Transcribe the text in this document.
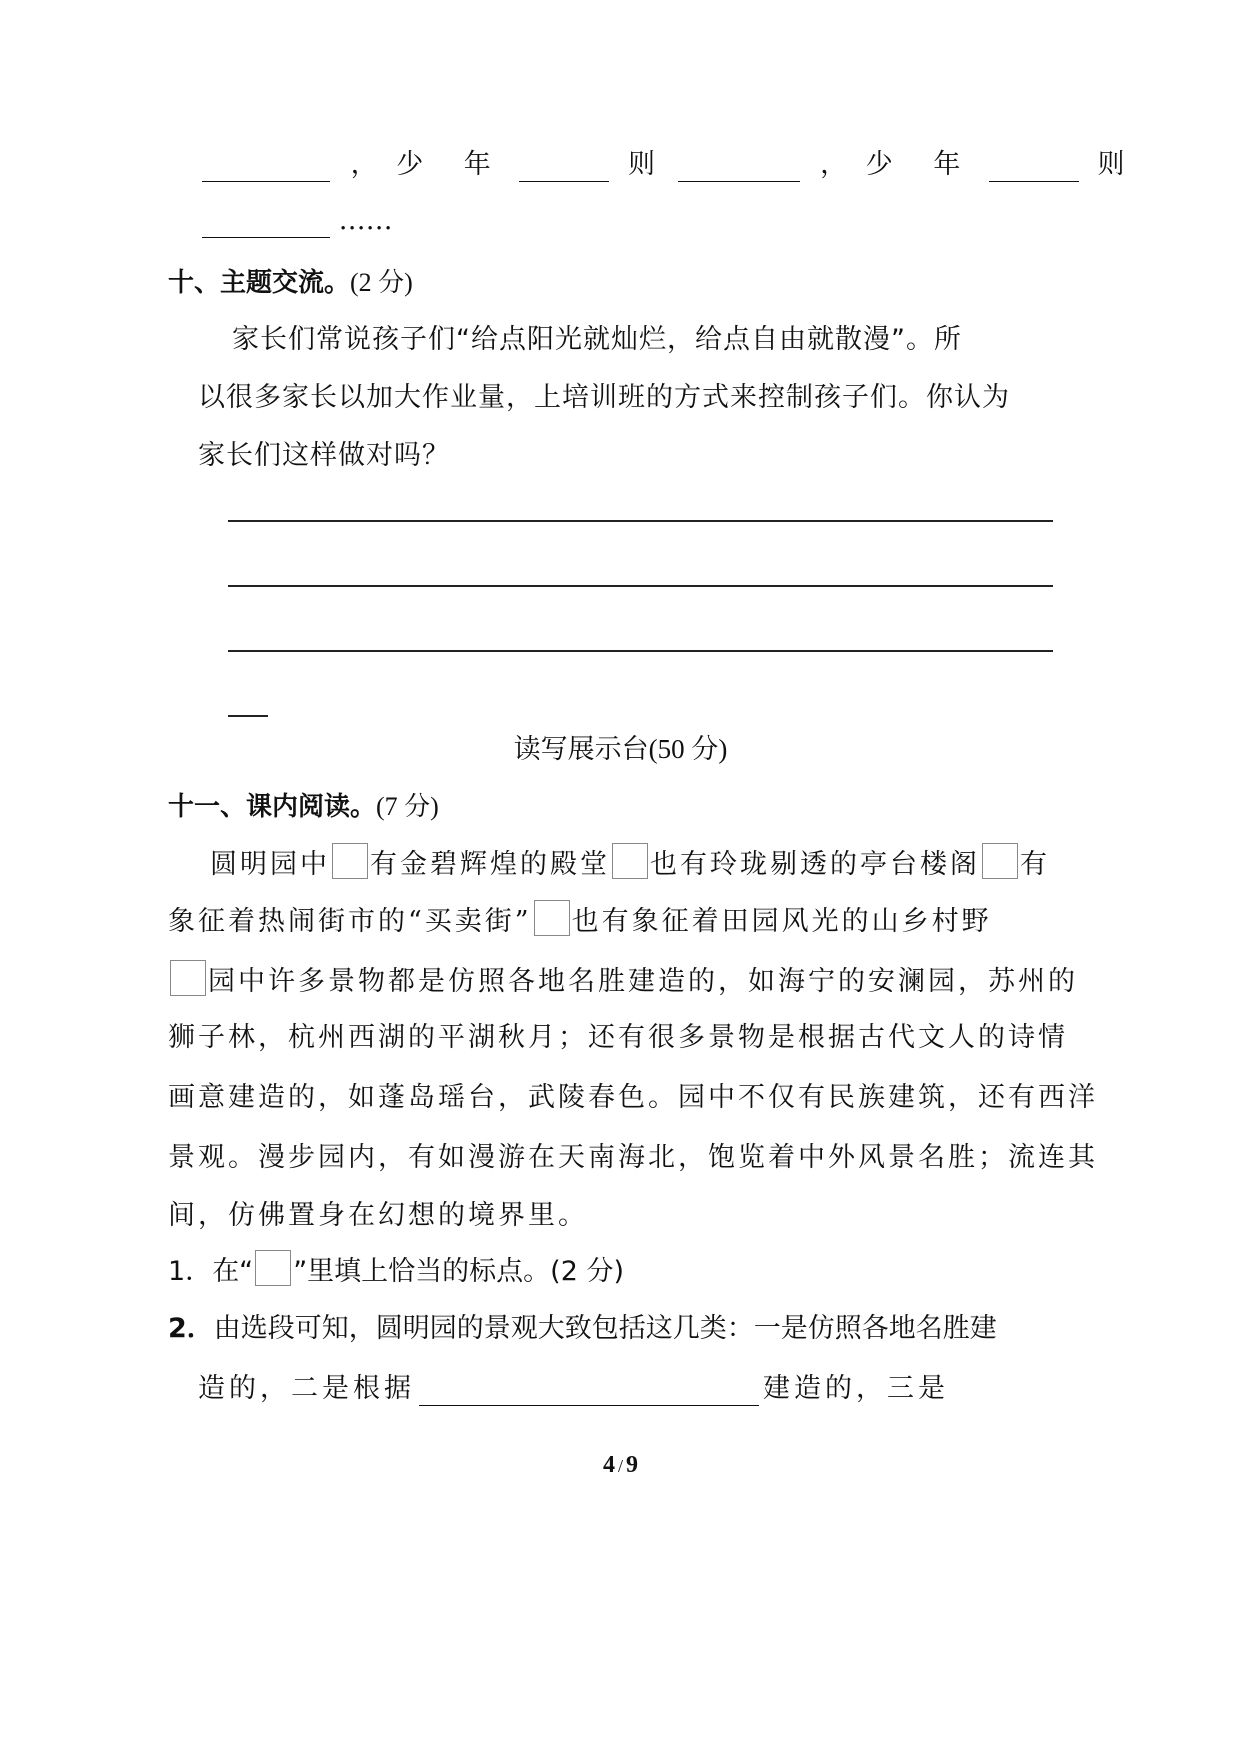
， 少 年	则	， 少 年	则
……
十、主题交流。(2 分)
家长们常说孩子们“给点阳光就灿烂，给点自由就散漫”。所
以很多家长以加大作业量，上培训班的方式来控制孩子们。你认为
家长们这样做对吗？
读写展示台(50 分)
十一、课内阅读。(7 分)
圆明园中 有金碧辉煌的殿堂 也有玲珑剔透的亭台楼阁 有
象征着热闹街市的“买卖街” 也有象征着田园风光的山乡村野
园中许多景物都是仿照各地名胜建造的，如海宁的安澜园，苏州的
狮子林，杭州西湖的平湖秋月；还有很多景物是根据古代文人的诗情
画意建造的，如蓬岛瑶台，武陵春色。园中不仅有民族建筑，还有西洋
景观。漫步园内，有如漫游在天南海北，饱览着中外风景名胜；流连其
间，仿佛置身在幻想的境界里。
1．在“ ”里填上恰当的标点。(2 分)
2．由选段可知，圆明园的景观大致包括这几类：一是仿照各地名胜建
造的，二是根据	建造的，三是
4 / 9
